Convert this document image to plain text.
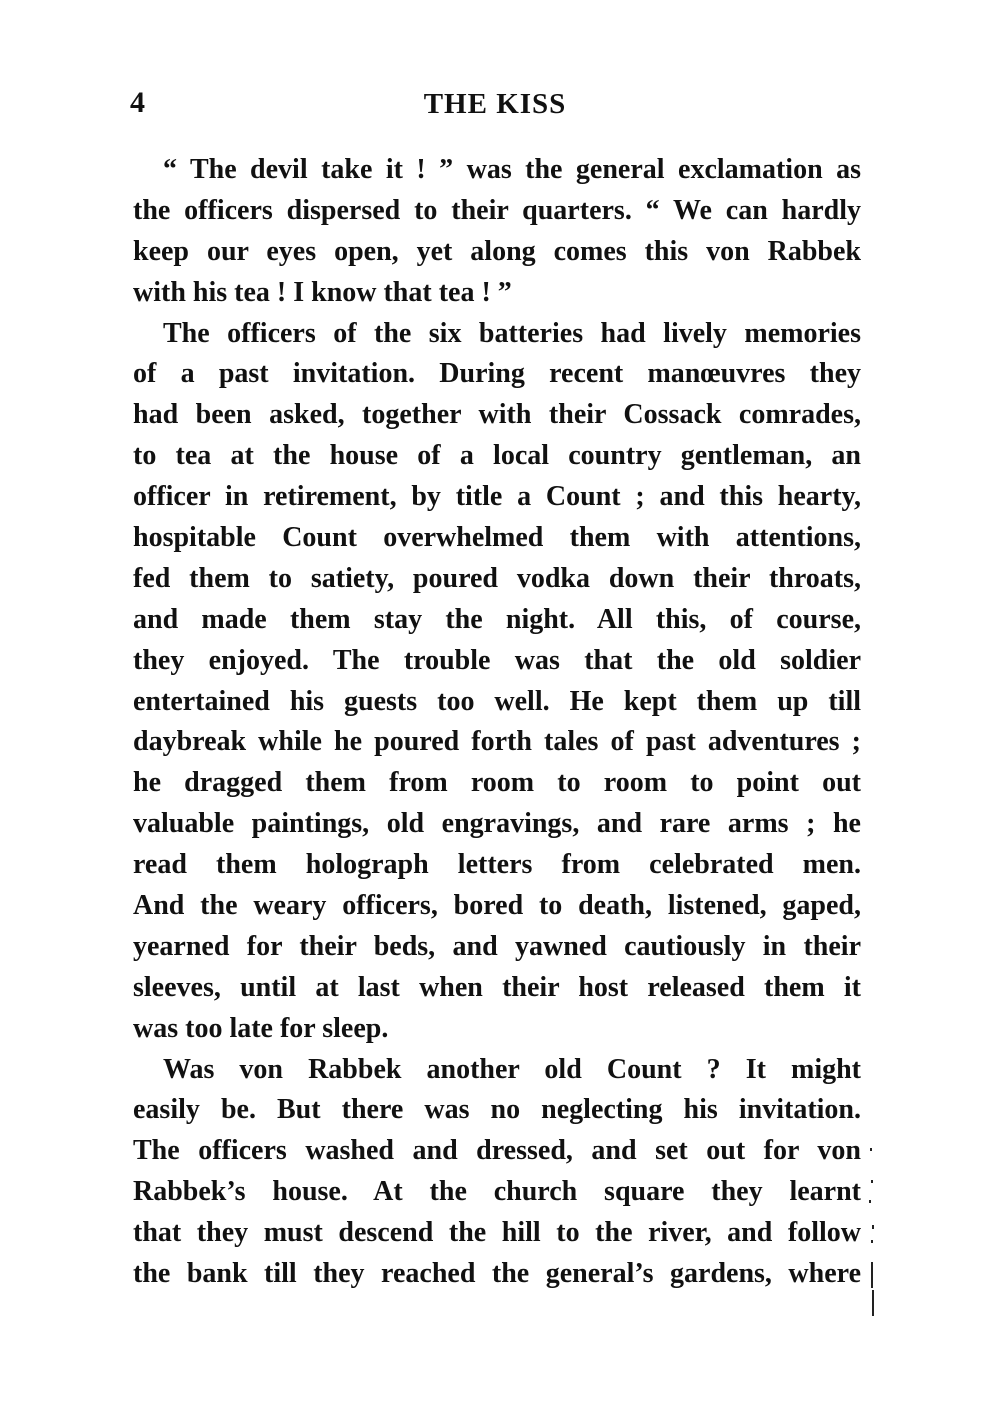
4	THE KISS
“ The devil take it ! ” was the general exclamation as
the officers dispersed to their quarters. “ We can hardly
keep our eyes open, yet along comes this von Rabbek
with his tea ! I know that tea ! ”
The officers of the six batteries had lively memories
of a past invitation. During recent manœuvres they
had been asked, together with their Cossack comrades,
to tea at the house of a local country gentleman, an
officer in retirement, by title a Count ; and this hearty,
hospitable Count overwhelmed them with attentions,
fed them to satiety, poured vodka down their throats,
and made them stay the night. All this, of course,
they enjoyed. The trouble was that the old soldier
entertained his guests too well. He kept them up till
daybreak while he poured forth tales of past adventures ;
he dragged them from room to room to point out
valuable paintings, old engravings, and rare arms ; he
read them holograph letters from celebrated men.
And the weary officers, bored to death, listened, gaped,
yearned for their beds, and yawned cautiously in their
sleeves, until at last when their host released them it
was too late for sleep.
Was von Rabbek another old Count ? It might
easily be. But there was no neglecting his invitation.
The officers washed and dressed, and set out for von
Rabbek’s house. At the church square they learnt
that they must descend the hill to the river, and follow
the bank till they reached the general’s gardens, where
